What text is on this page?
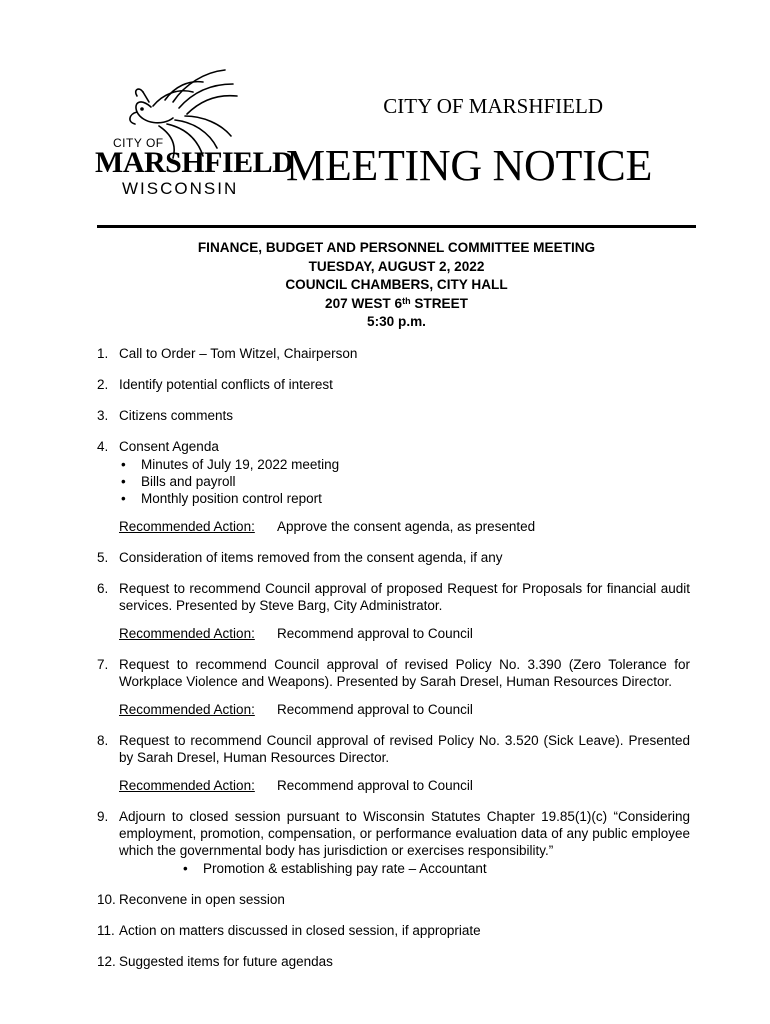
CITY OF
MARSHFIELD
WISCONSIN
CITY OF MARSHFIELD
MEETING NOTICE
FINANCE, BUDGET AND PERSONNEL COMMITTEE MEETING
TUESDAY, AUGUST 2, 2022
COUNCIL CHAMBERS, CITY HALL
207 WEST 6th STREET
5:30 p.m.
1. Call to Order – Tom Witzel, Chairperson
2. Identify potential conflicts of interest
3. Citizens comments
4. Consent Agenda
• Minutes of July 19, 2022 meeting
• Bills and payroll
• Monthly position control report
Recommended Action: Approve the consent agenda, as presented
5. Consideration of items removed from the consent agenda, if any
6. Request to recommend Council approval of proposed Request for Proposals for financial audit services. Presented by Steve Barg, City Administrator.
Recommended Action: Recommend approval to Council
7. Request to recommend Council approval of revised Policy No. 3.390 (Zero Tolerance for Workplace Violence and Weapons). Presented by Sarah Dresel, Human Resources Director.
Recommended Action: Recommend approval to Council
8. Request to recommend Council approval of revised Policy No. 3.520 (Sick Leave). Presented by Sarah Dresel, Human Resources Director.
Recommended Action: Recommend approval to Council
9. Adjourn to closed session pursuant to Wisconsin Statutes Chapter 19.85(1)(c) “Considering employment, promotion, compensation, or performance evaluation data of any public employee which the governmental body has jurisdiction or exercises responsibility.”
• Promotion & establishing pay rate – Accountant
10. Reconvene in open session
11. Action on matters discussed in closed session, if appropriate
12. Suggested items for future agendas
